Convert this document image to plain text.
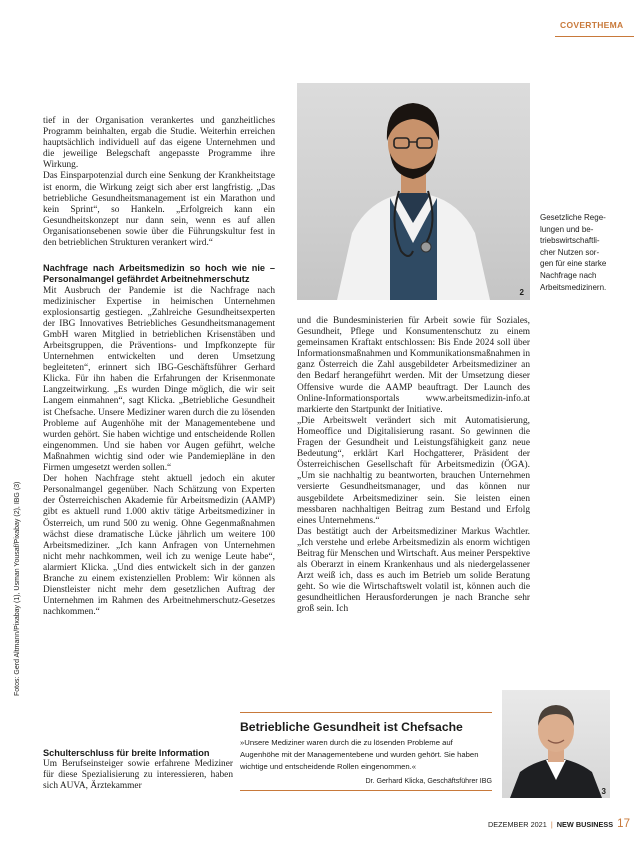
COVERTHEMA

tief in der Organisation verankertes und ganzheitliches Programm beinhalten, ergab die Studie. Weiterhin erreichen hauptsächlich individuell auf das eigene Unternehmen und die jeweilige Belegschaft angepasste Programme ihre Wirkung.

Das Einsparpotenzial durch eine Senkung der Krankheitstage ist enorm, die Wirkung zeigt sich aber erst langfristig. „Das betriebliche Gesundheitsmanagement ist ein Marathon und kein Sprint“, so Hankeln. „Erfolgreich kann ein Gesundheitskonzept nur dann sein, wenn es auf allen Organisationsebenen sowie über die Führungskultur fest in den betrieblichen Strukturen verankert wird.“

Nachfrage nach Arbeitsmedizin so hoch wie nie – Personalmangel gefährdet Arbeitnehmerschutz

Mit Ausbruch der Pandemie ist die Nachfrage nach medizinischer Expertise in heimischen Unternehmen explosionsartig gestiegen. „Zahlreiche Gesundheitsexperten der IBG Innovatives Betriebliches Gesundheitsmanagement GmbH waren Mitglied in betrieblichen Krisenstäben und Arbeitsgruppen, die Präventions- und Impfkonzepte für Unternehmen entwickelten und deren Umsetzung begleiteten“, erinnert sich IBG-Geschäftsführer Gerhard Klicka. Für ihn haben die Erfahrungen der Krisenmonate Langzeitwirkung. „Es wurden Dinge möglich, die wir seit Langem einmahnen“, sagt Klicka. „Betriebliche Gesundheit ist Chefsache. Unsere Mediziner waren durch die zu lösenden Probleme auf Augenhöhe mit der Managementebene und wurden gehört. Sie haben wichtige und entscheidende Rollen eingenommen. Und sie haben vor Augen geführt, welche Maßnahmen wichtig sind oder wie Pandemiepläne in den Firmen umgesetzt werden sollen.“

Der hohen Nachfrage steht aktuell jedoch ein akuter Personalmangel gegenüber. Nach Schätzung von Experten der Österreichischen Akademie für Arbeitsmedizin (AAMP) gibt es aktuell rund 1.000 aktiv tätige Arbeitsmediziner in Österreich, um rund 500 zu wenig. Ohne Gegenmaßnahmen wächst diese dramatische Lücke jährlich um weitere 100 Arbeitsmediziner. „Ich kann Anfragen von Unternehmen nicht mehr nachkommen, weil ich zu wenige Leute habe“, alarmiert Klicka. „Und dies entwickelt sich in der ganzen Branche zu einem existenziellen Problem: Wir können als Dienstleister nicht mehr dem gesetzlichen Auftrag der Unternehmen im Rahmen des Arbeitnehmerschutz-Gesetzes nachkommen.“

Schulterschluss für breite Information

Um Berufseinsteiger sowie erfahrene Mediziner für diese Spezialisierung zu interessieren, haben sich AUVA, Ärztekammer

2
Gesetzliche Rege-
lungen und be-
triebswirtschaftli-
cher Nutzen sor-
gen für eine starke
Nachfrage nach
Arbeitsmedizinern.

und die Bundesministerien für Arbeit sowie für Soziales, Gesundheit, Pflege und Konsumentenschutz zu einem gemeinsamen Kraftakt entschlossen: Bis Ende 2024 soll über Informationsmaßnahmen und Kommunikationsmaßnahmen in ganz Österreich die Zahl ausgebildeter Arbeitsmediziner an den Bedarf herangeführt werden. Mit der Umsetzung dieser Offensive wurde die AAMP beauftragt. Der Launch des Online-Informationsportals www.arbeitsmedizin-info.at markierte den Startpunkt der Initiative.

„Die Arbeitswelt verändert sich mit Automatisierung, Homeoffice und Digitalisierung rasant. So gewinnen die Fragen der Gesundheit und Leistungsfähigkeit ganz neue Bedeutung“, erklärt Karl Hochgatterer, Präsident der Österreichischen Gesellschaft für Arbeitsmedizin (ÖGA). „Um sie nachhaltig zu beantworten, brauchen Unternehmen versierte Gesundheitsmanager, und das können nur ausgebildete Arbeitsmediziner sein. Sie leisten einen messbaren nachhaltigen Beitrag zum Bestand und Erfolg eines Unternehmens.“

Das bestätigt auch der Arbeitsmediziner Markus Wachtler. „Ich verstehe und erlebe Arbeitsmedizin als enorm wichtigen Beitrag für Menschen und Wirtschaft. Aus meiner Perspektive als Oberarzt in einem Krankenhaus und als niedergelassener Arzt weiß ich, dass es auch im Betrieb um solide Beratung geht. So wie die Wirtschaftswelt volatil ist, können auch die gesundheitlichen Herausforderungen je nach Branche sehr groß sein. Ich

Fotos: Gerd Altmann/Pixabay (1), Usman Yousaf/Pixabay (2), IBG (3)
Betriebliche Gesundheit ist Chefsache
»Unsere Mediziner waren durch die zu lösenden Probleme auf Augenhöhe mit der Managementebene und wurden gehört. Sie haben wichtige und entscheidende Rollen eingenommen.«
Dr. Gerhard Klicka, Geschäftsführer IBG
3
DEZEMBER 2021 | NEW BUSINESS 17
